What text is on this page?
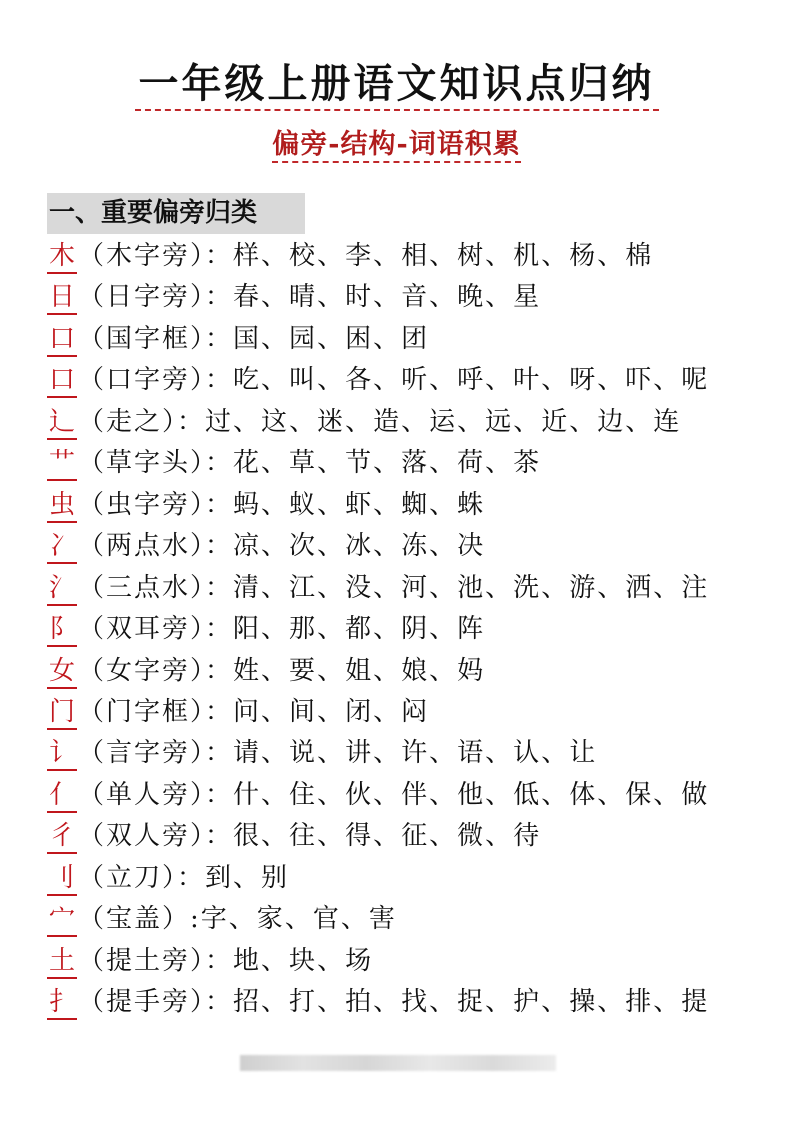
一年级上册语文知识点归纳
偏旁-结构-词语积累
一、重要偏旁归类
木 （木字旁）：样、校、李、相、树、机、杨、棉
日 （日字旁）：春、晴、时、音、晚、星
口 （国字框）：国、园、困、团
口 （口字旁）：吃、叫、各、听、呼、叶、呀、吓、呢
辶 （走之）：过、这、迷、造、运、远、近、边、连
艹 （草字头）：花、草、节、落、荷、茶
虫 （虫字旁）：蚂、蚁、虾、蜘、蛛
冫 （两点水）：凉、次、冰、冻、决
氵 （三点水）：清、江、没、河、池、洗、游、洒、注
阝 （双耳旁）：阳、那、都、阴、阵
女 （女字旁）：姓、要、姐、娘、妈
门 （门字框）：问、间、闭、闷
讠 （言字旁）：请、说、讲、许、语、认、让
亻 （单人旁）：什、住、伙、伴、他、低、体、保、做
彳 （双人旁）：很、往、得、征、微、待
刂 （立刀）：到、别
宀 （宝盖）:字、家、官、害
土 （提土旁）：地、块、场
扌 （提手旁）：招、打、拍、找、捉、护、操、排、提
